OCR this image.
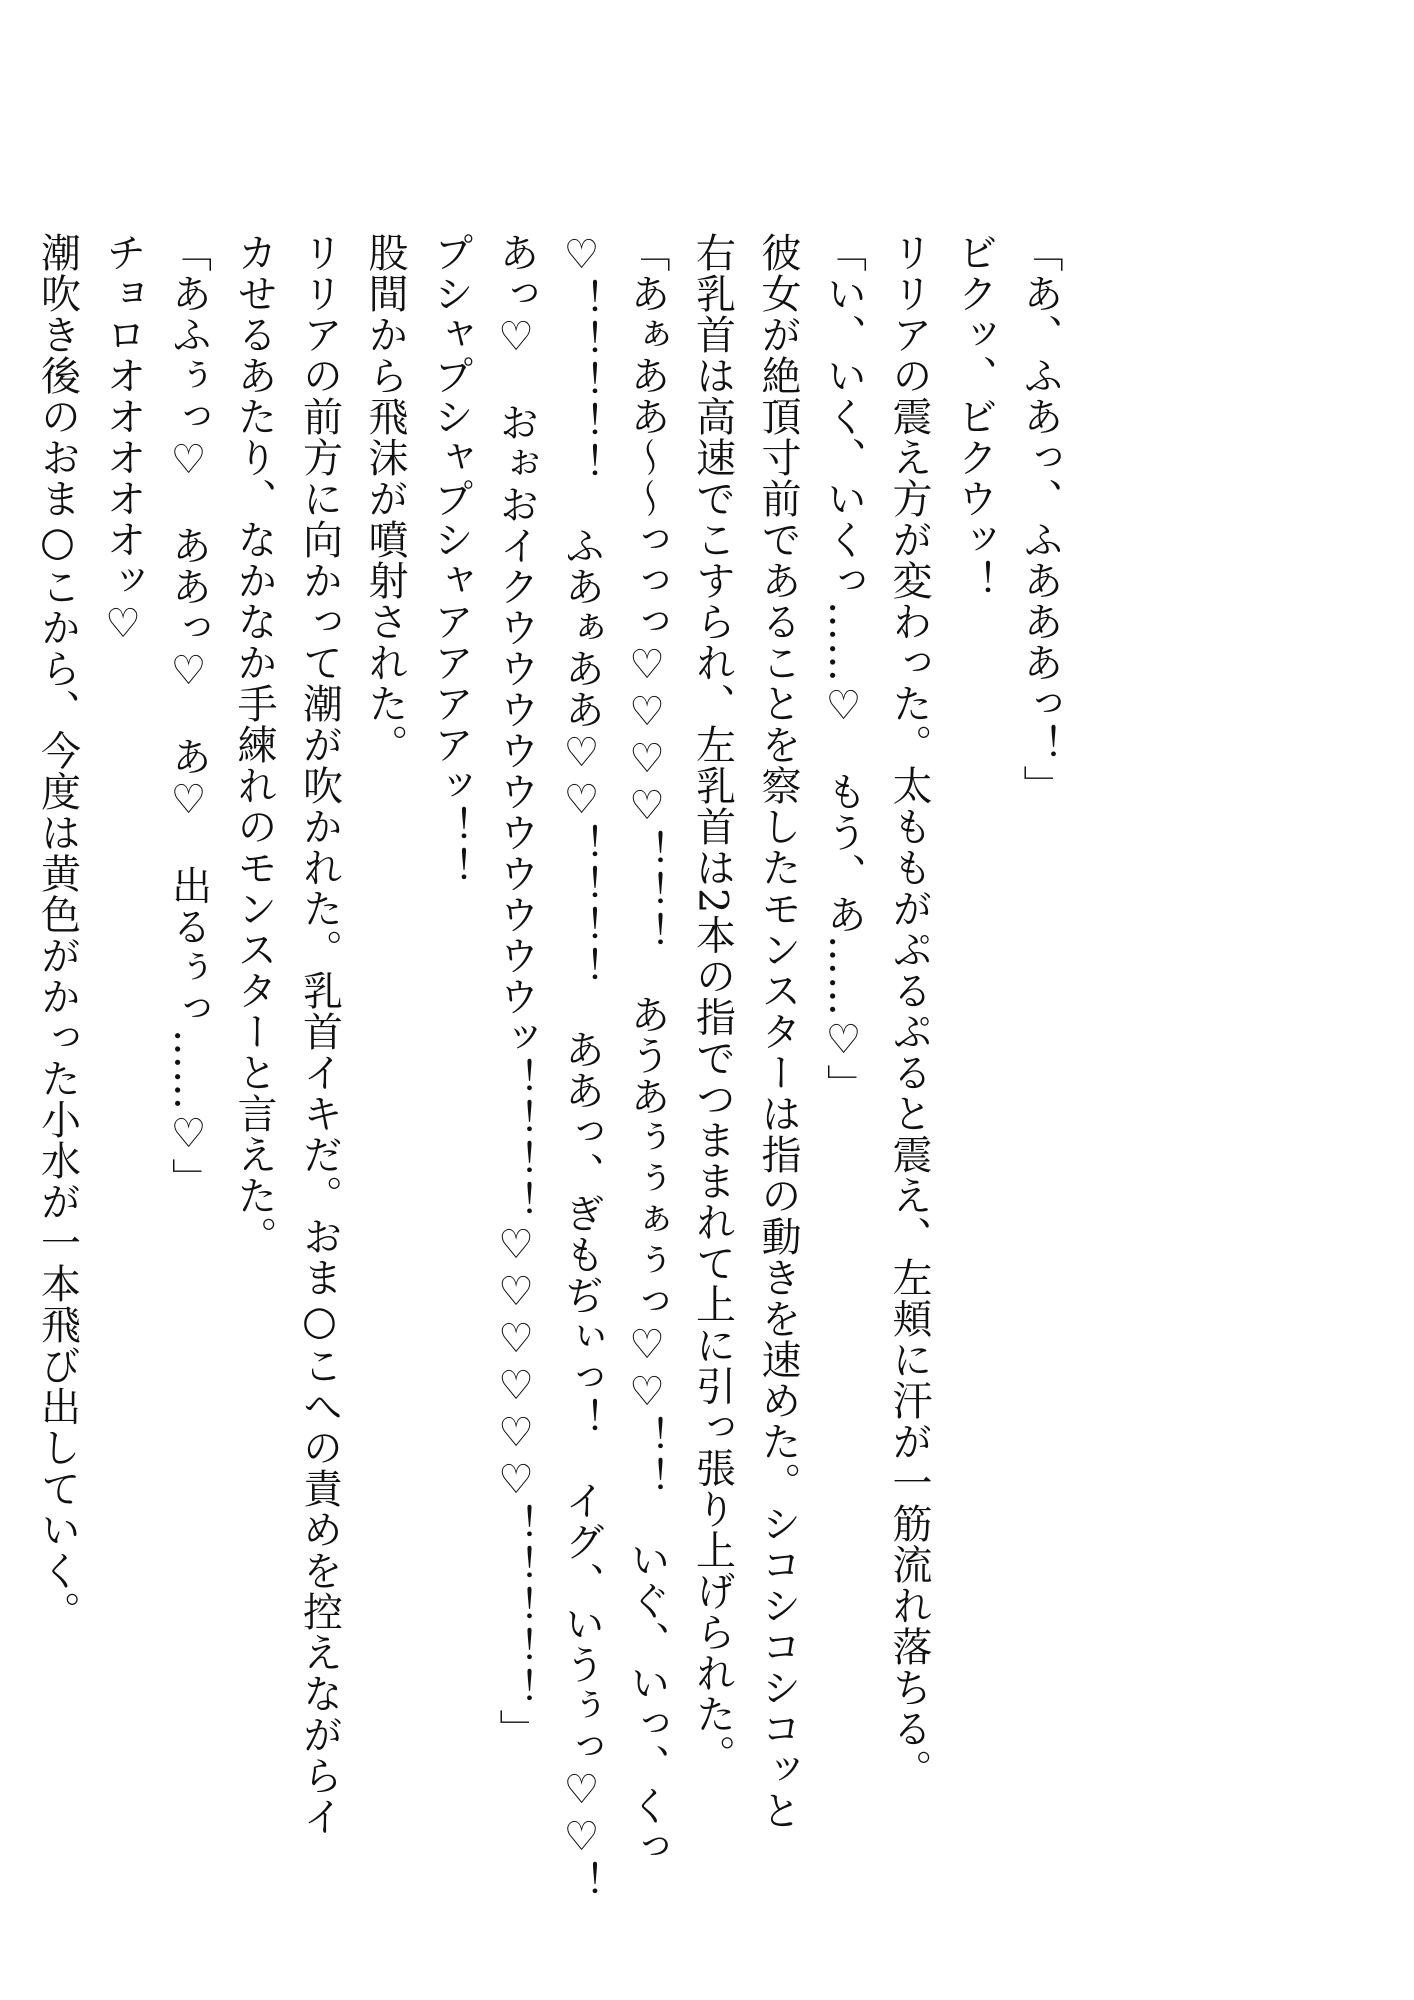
「あ、ふあっ、ふあああっ！」
ビクッ、ビクウッ！
リリアの震え方が変わった。太ももがぷるぷると震え、左頬に汗が一筋流れ落ちる。
「い、いく、いくっ……♡　もう、あ……♡」
彼女が絶頂寸前であることを察したモンスターは指の動きを速めた。シコシコシコッと
右乳首は高速でこすられ、左乳首は2本の指でつままれて上に引っ張り上げられた。
「あぁああ～～っっっ♡♡♡♡！！！　あうあぅぅぁぅっ♡♡！！　いぐ、いっ、くっ
♡！！！！！　ふあぁああ♡♡！！！！　ああっ、ぎもぢぃっ！　イグ、いうぅっ♡♡！
あっ♡　おぉおイクウウウウウウウウウウッ！！！！♡♡♡♡♡♡！！！！！」
プシャプシャプシャアアアアッ！！
股間から飛沫が噴射された。
リリアの前方に向かって潮が吹かれた。乳首イキだ。おま○こへの責めを控えながらイ
カせるあたり、なかなか手練れのモンスターと言えた。
「あふぅっ♡　ああっ♡　あ♡　出るぅっ……♡」
チョロオオオオオッ♡
潮吹き後のおま○こから、今度は黄色がかった小水が一本飛び出していく。
